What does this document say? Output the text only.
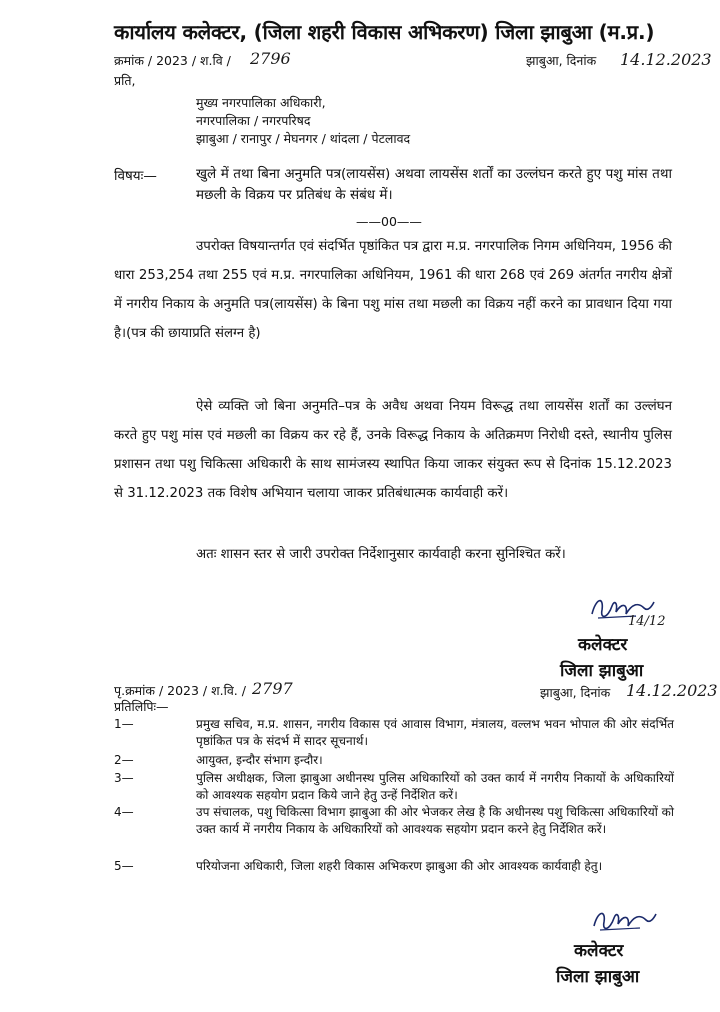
कार्यालय कलेक्टर, (जिला शहरी विकास अभिकरण) जिला झाबुआ (म.प्र.)
क्रमांक / 2023 / श.वि / 2796	झाबुआ, दिनांक 14.12.2023
प्रति,
मुख्य नगरपालिका अधिकारी,
नगरपालिका / नगरपरिषद
झाबुआ / रानापुर / मेघनगर / थांदला / पेटलावद
विषयः—	खुले में तथा बिना अनुमति पत्र(लायसेंस) अथवा लायसेंस शर्तों का उल्लंघन करते हुए पशु मांस तथा मछली के विक्रय पर प्रतिबंध के संबंध में।
——00——
उपरोक्त विषयान्तर्गत एवं संदर्भित पृष्ठांकित पत्र द्वारा म.प्र. नगरपालिक निगम अधिनियम, 1956 की धारा 253,254 तथा 255 एवं म.प्र. नगरपालिका अधिनियम, 1961 की धारा 268 एवं 269 अंतर्गत नगरीय क्षेत्रों में नगरीय निकाय के अनुमति पत्र(लायसेंस) के बिना पशु मांस तथा मछली का विक्रय नहीं करने का प्रावधान दिया गया है।(पत्र की छायाप्रति संलग्न है)
ऐसे व्यक्ति जो बिना अनुमति–पत्र के अवैध अथवा नियम विरूद्ध तथा लायसेंस शर्तों का उल्लंघन करते हुए पशु मांस एवं मछली का विक्रय कर रहे हैं, उनके विरूद्ध निकाय के अतिक्रमण निरोधी दस्ते, स्थानीय पुलिस प्रशासन तथा पशु चिकित्सा अधिकारी के साथ सामंजस्य स्थापित किया जाकर संयुक्त रूप से दिनांक 15.12.2023 से 31.12.2023 तक विशेष अभियान चलाया जाकर प्रतिबंधात्मक कार्यवाही करें।
अतः शासन स्तर से जारी उपरोक्त निर्देशानुसार कार्यवाही करना सुनिश्चित करें।
14/12
कलेक्टर
जिला झाबुआ
पृ.क्रमांक / 2023 / श.वि. / 2797	झाबुआ, दिनांक 14.12.2023
प्रतिलिपिः—
1—	प्रमुख सचिव, म.प्र. शासन, नगरीय विकास एवं आवास विभाग, मंत्रालय, वल्लभ भवन भोपाल की ओर संदर्भित पृष्ठांकित पत्र के संदर्भ में सादर सूचनार्थ।
2—	आयुक्त, इन्दौर संभाग इन्दौर।
3—	पुलिस अधीक्षक, जिला झाबुआ अधीनस्थ पुलिस अधिकारियों को उक्त कार्य में नगरीय निकायों के अधिकारियों को आवश्यक सहयोग प्रदान किये जाने हेतु उन्हें निर्देशित करें।
4—	उप संचालक, पशु चिकित्सा विभाग झाबुआ की ओर भेजकर लेख है कि अधीनस्थ पशु चिकित्सा अधिकारियों को उक्त कार्य में नगरीय निकाय के अधिकारियों को आवश्यक सहयोग प्रदान करने हेतु निर्देशित करें।
5—	परियोजना अधिकारी, जिला शहरी विकास अभिकरण झाबुआ की ओर आवश्यक कार्यवाही हेतु।
कलेक्टर
जिला झाबुआ
